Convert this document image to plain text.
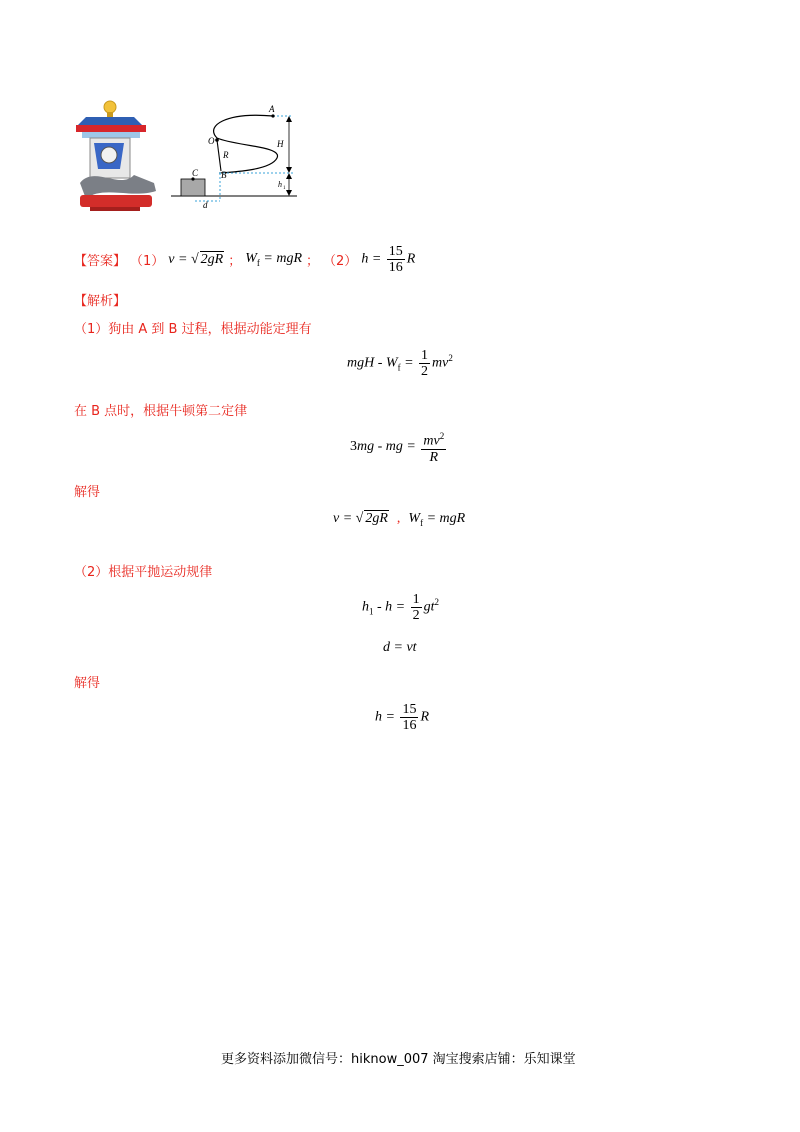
A
O
R
H
C	B
h 1
d
【答案】 （1） v = √ 2gR ； $W_f$ = mgR ； （2） $h = \frac{15}{16}$ R
【解析】
（1）狗由 A 到 B 过程，根据动能定理有
mgH - $W_f = \frac{1}{2} mv^2$
在 B 点时，根据牛顿第二定律
3mg - mg = $\frac{mv^2}{R}$
解得
v = √ 2gR , $W_f$ = mgR
（2）根据平抛运动规律
$h_1 - h = \frac{1}{2} gt^2$
d = vt
解得
$h = \frac{15}{16}$ R
更多资料添加微信号：hiknow_007 淘宝搜索店铺：乐知课堂
